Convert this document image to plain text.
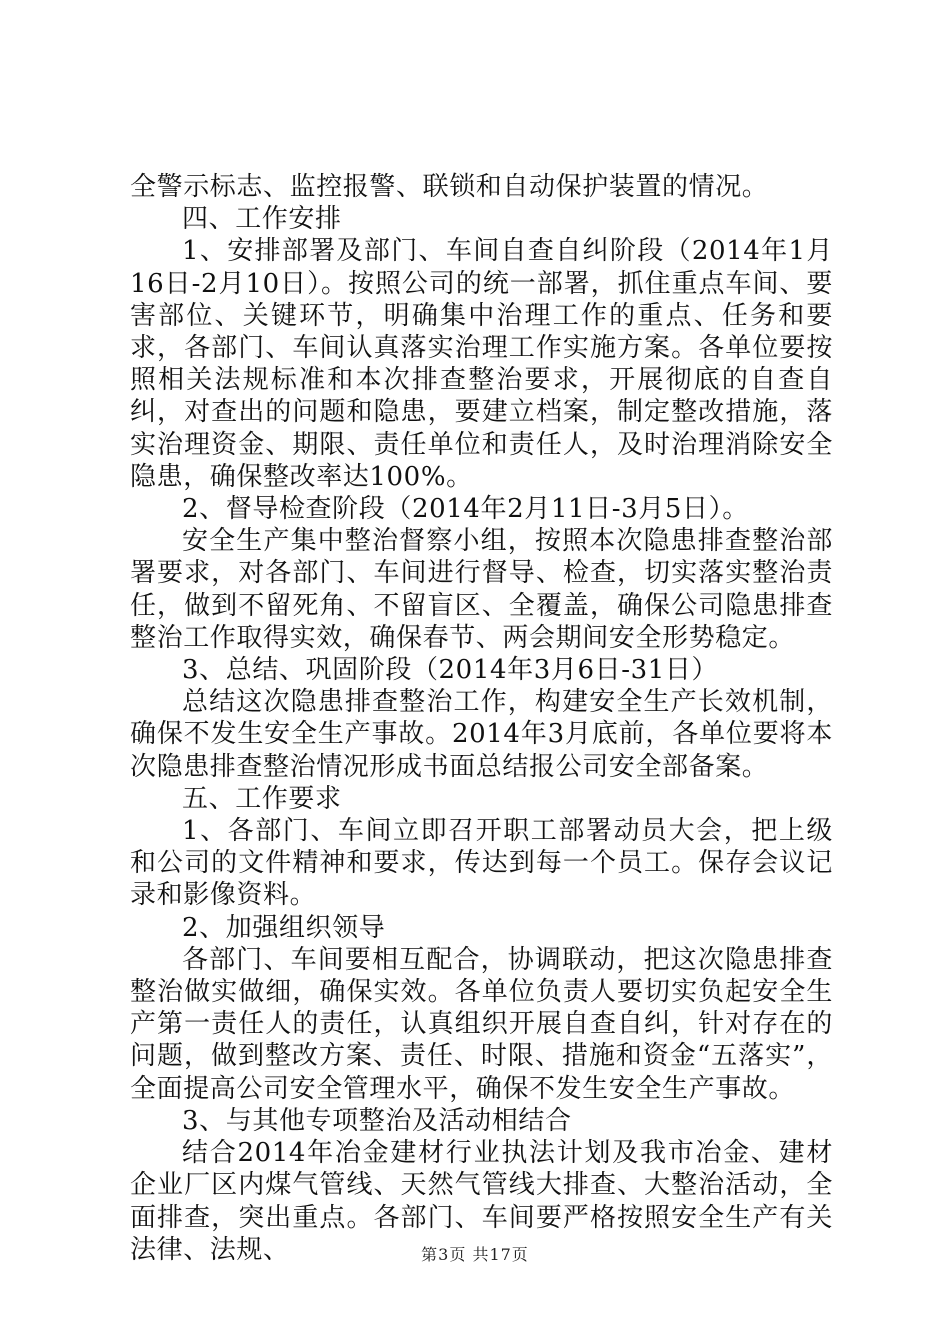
全警示标志、监控报警、联锁和自动保护装置的情况。

四、工作安排

1、安排部署及部门、车间自查自纠阶段（2014年1月16日-2月10日）。按照公司的统一部署，抓住重点车间、要害部位、关键环节，明确集中治理工作的重点、任务和要求，各部门、车间认真落实治理工作实施方案。各单位要按照相关法规标准和本次排查整治要求，开展彻底的自查自纠，对查出的问题和隐患，要建立档案，制定整改措施，落实治理资金、期限、责任单位和责任人，及时治理消除安全隐患，确保整改率达100%。

2、督导检查阶段（2014年2月11日-3月5日）。

安全生产集中整治督察小组，按照本次隐患排查整治部署要求，对各部门、车间进行督导、检查，切实落实整治责任，做到不留死角、不留盲区、全覆盖，确保公司隐患排查整治工作取得实效，确保春节、两会期间安全形势稳定。

3、总结、巩固阶段（2014年3月6日-31日）

总结这次隐患排查整治工作，构建安全生产长效机制，确保不发生安全生产事故。2014年3月底前，各单位要将本次隐患排查整治情况形成书面总结报公司安全部备案。

五、工作要求

1、各部门、车间立即召开职工部署动员大会，把上级和公司的文件精神和要求，传达到每一个员工。保存会议记录和影像资料。

2、加强组织领导

各部门、车间要相互配合，协调联动，把这次隐患排查整治做实做细，确保实效。各单位负责人要切实负起安全生产第一责任人的责任，认真组织开展自查自纠，针对存在的问题，做到整改方案、责任、时限、措施和资金“五落实”，全面提高公司安全管理水平，确保不发生安全生产事故。

3、与其他专项整治及活动相结合

结合2014年冶金建材行业执法计划及我市冶金、建材企业厂区内煤气管线、天然气管线大排查、大整治活动，全面排查，突出重点。各部门、车间要严格按照安全生产有关法律、法规、	第3页 共17页
